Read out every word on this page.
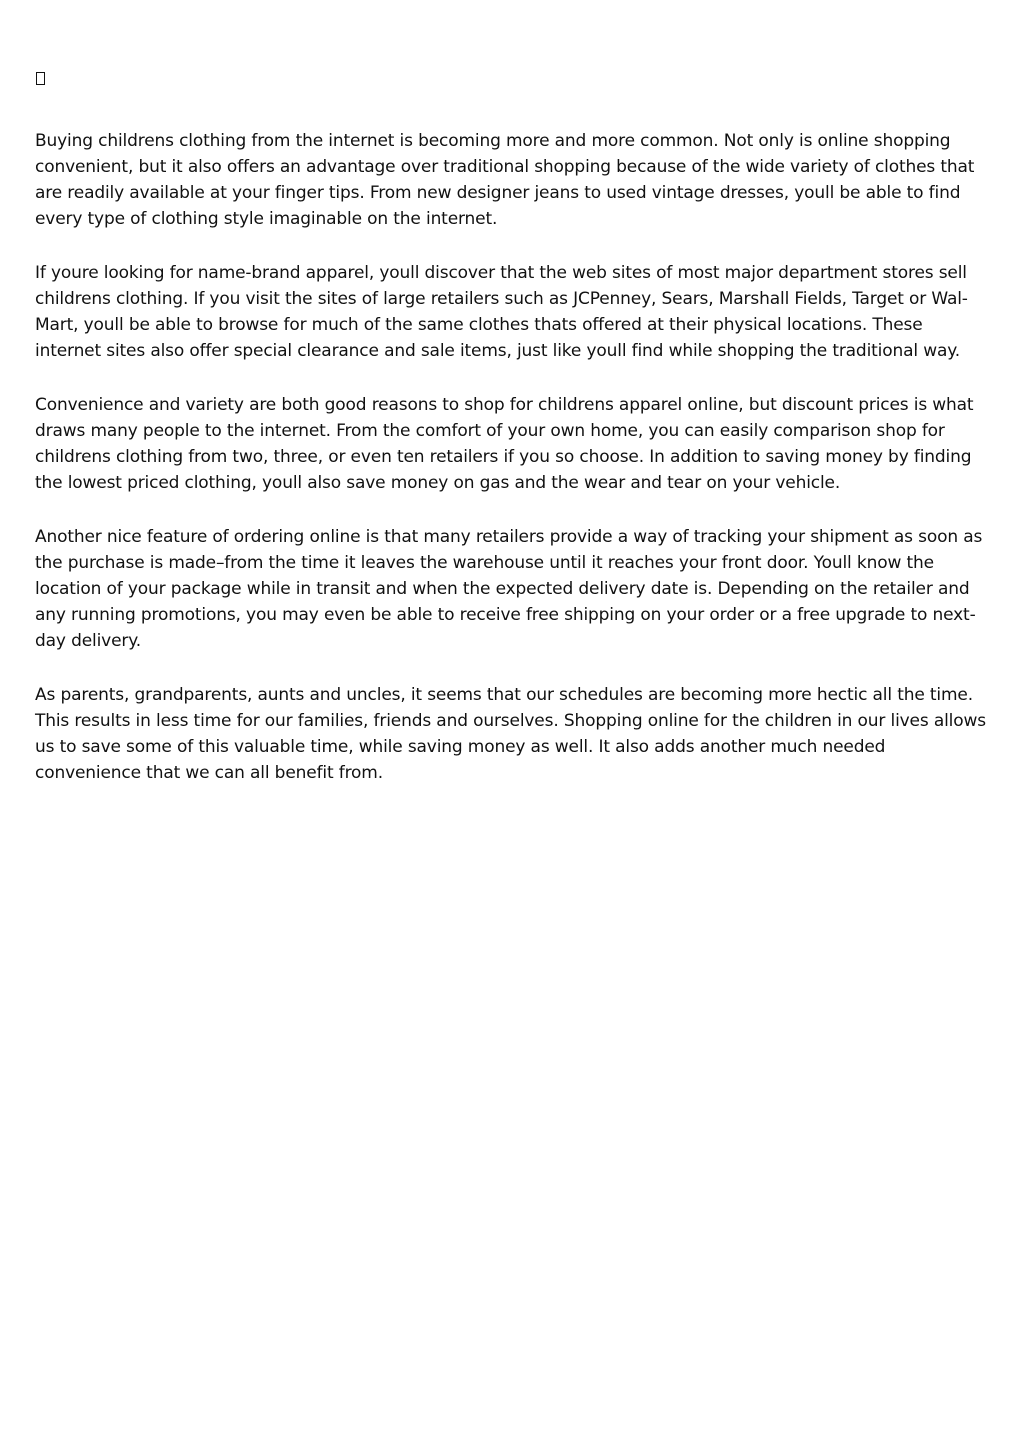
Buying childrens clothing from the internet is becoming more and more common. Not only is online shopping convenient, but it also offers an advantage over traditional shopping because of the wide variety of clothes that are readily available at your finger tips. From new designer jeans to used vintage dresses, youll be able to find every type of clothing style imaginable on the internet.

If youre looking for name-brand apparel, youll discover that the web sites of most major department stores sell childrens clothing. If you visit the sites of large retailers such as JCPenney, Sears, Marshall Fields, Target or Wal-Mart, youll be able to browse for much of the same clothes thats offered at their physical locations. These internet sites also offer special clearance and sale items, just like youll find while shopping the traditional way.

Convenience and variety are both good reasons to shop for childrens apparel online, but discount prices is what draws many people to the internet. From the comfort of your own home, you can easily comparison shop for childrens clothing from two, three, or even ten retailers if you so choose. In addition to saving money by finding the lowest priced clothing, youll also save money on gas and the wear and tear on your vehicle.

Another nice feature of ordering online is that many retailers provide a way of tracking your shipment as soon as the purchase is made–from the time it leaves the warehouse until it reaches your front door. Youll know the location of your package while in transit and when the expected delivery date is. Depending on the retailer and any running promotions, you may even be able to receive free shipping on your order or a free upgrade to next-day delivery.

As parents, grandparents, aunts and uncles, it seems that our schedules are becoming more hectic all the time. This results in less time for our families, friends and ourselves. Shopping online for the children in our lives allows us to save some of this valuable time, while saving money as well. It also adds another much needed convenience that we can all benefit from.
